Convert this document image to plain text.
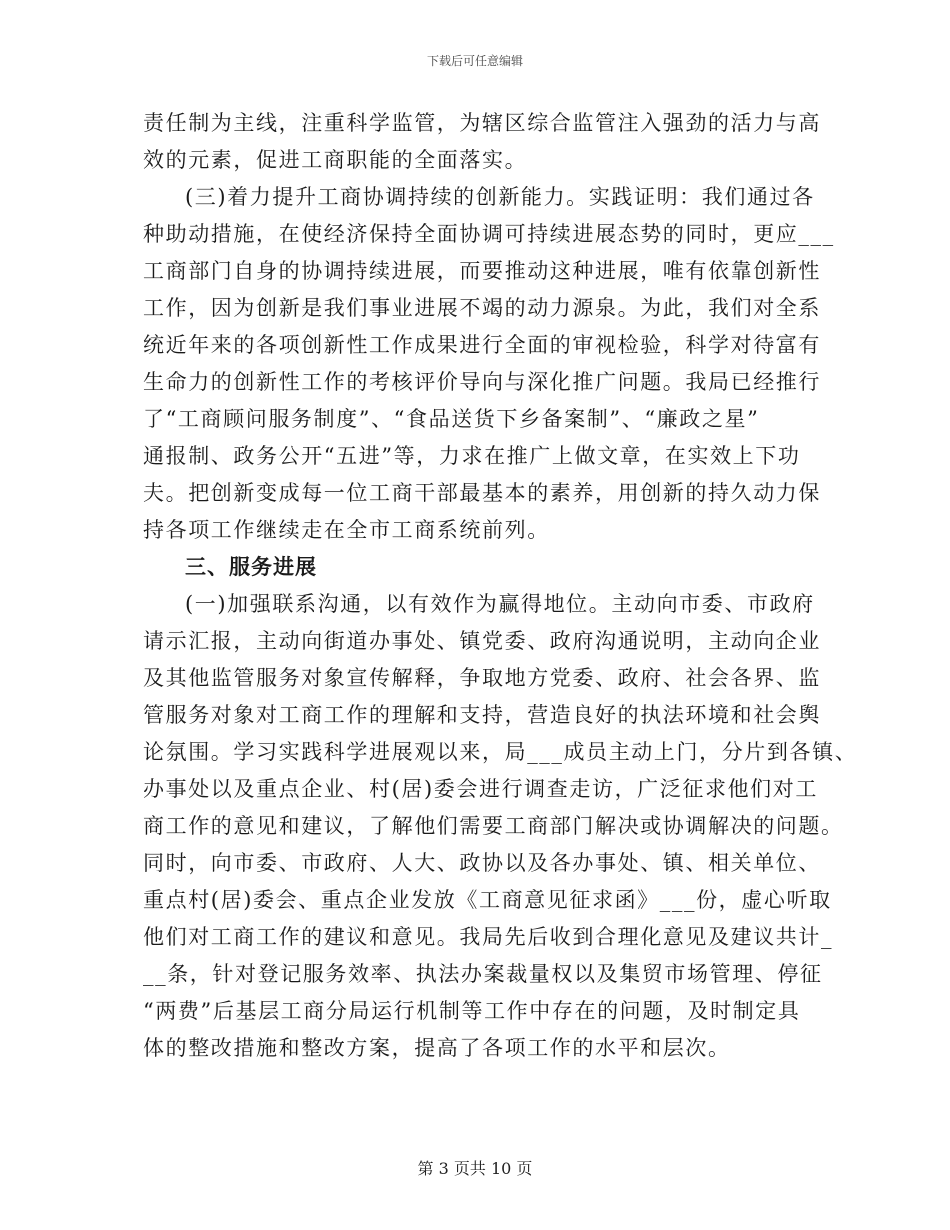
下载后可任意编辑
责任制为主线，注重科学监管，为辖区综合监管注入强劲的活力与高
效的元素，促进工商职能的全面落实。
(三)着力提升工商协调持续的创新能力。实践证明：我们通过各
种助动措施，在使经济保持全面协调可持续进展态势的同时，更应___
工商部门自身的协调持续进展，而要推动这种进展，唯有依靠创新性
工作，因为创新是我们事业进展不竭的动力源泉。为此，我们对全系
统近年来的各项创新性工作成果进行全面的审视检验，科学对待富有
生命力的创新性工作的考核评价导向与深化推广问题。我局已经推行
了“工商顾问服务制度”、“食品送货下乡备案制”、“廉政之星”
通报制、政务公开“五进”等，力求在推广上做文章，在实效上下功
夫。把创新变成每一位工商干部最基本的素养，用创新的持久动力保
持各项工作继续走在全市工商系统前列。
三、服务进展
(一)加强联系沟通，以有效作为赢得地位。主动向市委、市政府
请示汇报，主动向街道办事处、镇党委、政府沟通说明，主动向企业
及其他监管服务对象宣传解释，争取地方党委、政府、社会各界、监
管服务对象对工商工作的理解和支持，营造良好的执法环境和社会舆
论氛围。学习实践科学进展观以来，局___成员主动上门，分片到各镇、
办事处以及重点企业、村(居)委会进行调查走访，广泛征求他们对工
商工作的意见和建议，了解他们需要工商部门解决或协调解决的问题。
同时，向市委、市政府、人大、政协以及各办事处、镇、相关单位、
重点村(居)委会、重点企业发放《工商意见征求函》___份，虚心听取
他们对工商工作的建议和意见。我局先后收到合理化意见及建议共计_
__条，针对登记服务效率、执法办案裁量权以及集贸市场管理、停征
“两费”后基层工商分局运行机制等工作中存在的问题，及时制定具
体的整改措施和整改方案，提高了各项工作的水平和层次。
第 3 页共 10 页
